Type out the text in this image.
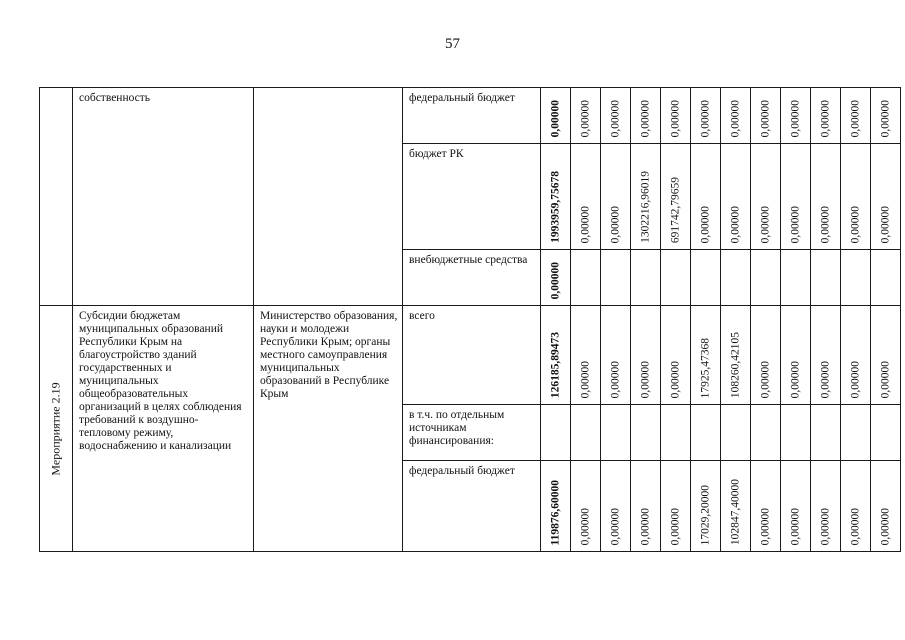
57

	собственность		федеральный бюджет	0,00000	0,00000	0,00000	0,00000	0,00000	0,00000	0,00000	0,00000	0,00000	0,00000	0,00000	0,00000

			бюджет РК	1993959,75678	0,00000	0,00000	1302216,96019	691742,79659	0,00000	0,00000	0,00000	0,00000	0,00000	0,00000	0,00000

			внебюджетные средства	0,00000											

Мероприятие 2.19	Субсидии бюджетам муниципальных образований Республики Крым на благоустройство зданий государственных и муниципальных общеобразовательных организаций в целях соблюдения требований к воздушно-тепловому режиму, водоснабжению и канализации	Министерство образования, науки и молодежи Республики Крым; органы местного самоуправления муниципальных образований в Республике Крым	всего	126185,89473	0,00000	0,00000	0,00000	0,00000	17925,47368	108260,42105	0,00000	0,00000	0,00000	0,00000	0,00000

			в т.ч. по отдельным источникам финансирования:												

			федеральный бюджет	119876,60000	0,00000	0,00000	0,00000	0,00000	17029,20000	102847,40000	0,00000	0,00000	0,00000	0,00000	0,00000
